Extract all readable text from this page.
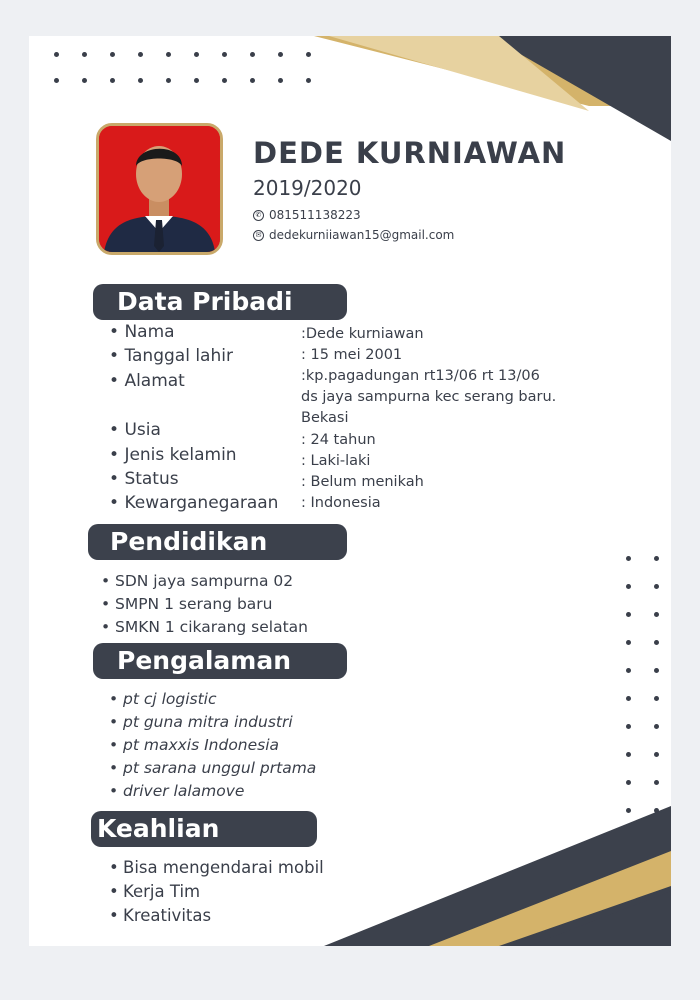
DEDE KURNIAWAN
2019/2020
✆ 081511138223
✉ dedekurniiawan15@gmail.com
Data Pribadi
• Nama
• Tanggal lahir
• Alamat
• Usia
• Jenis kelamin
• Status
• Kewarganegaraan
:Dede kurniawan
: 15 mei 2001
:kp.pagadungan rt13/06 rt 13/06
ds jaya sampurna kec serang baru.
Bekasi
: 24 tahun
: Laki-laki
: Belum menikah
: Indonesia
Pendidikan
• SDN jaya sampurna 02
• SMPN 1 serang baru
• SMKN 1 cikarang selatan
Pengalaman
• pt cj logistic
• pt guna mitra industri
• pt maxxis Indonesia
• pt sarana unggul prtama
• driver lalamove
Keahlian
• Bisa mengendarai mobil
• Kerja Tim
• Kreativitas
